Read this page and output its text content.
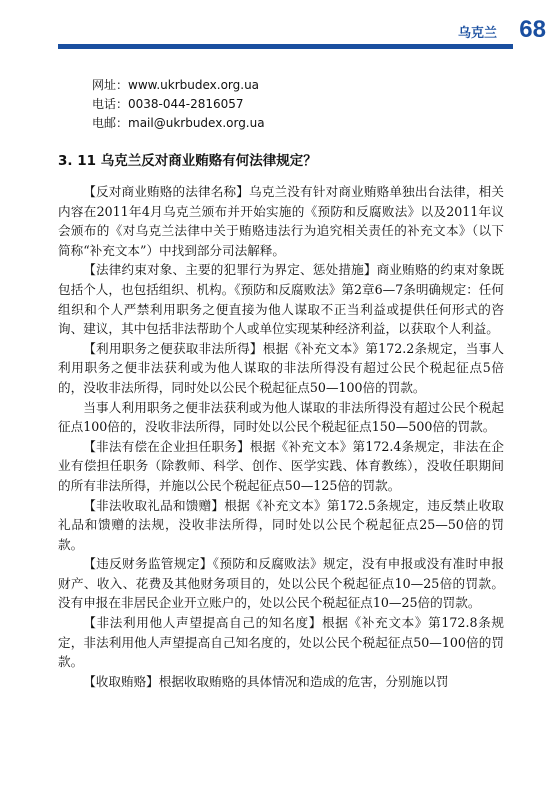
乌克兰 68
网址：www.ukrbudex.org.ua
电话：0038-044-2816057
电邮：mail@ukrbudex.org.ua
3. 11 乌克兰反对商业贿赂有何法律规定？

【反对商业贿赂的法律名称】乌克兰没有针对商业贿赂单独出台法律，相关内容在2011年4月乌克兰颁布并开始实施的《预防和反腐败法》以及2011年议会颁布的《对乌克兰法律中关于贿赂违法行为追究相关责任的补充文本》（以下简称“补充文本”）中找到部分司法解释。

【法律约束对象、主要的犯罪行为界定、惩处措施】商业贿赂的约束对象既包括个人，也包括组织、机构。《预防和反腐败法》第2章6—7条明确规定：任何组织和个人严禁利用职务之便直接为他人谋取不正当利益或提供任何形式的咨询、建议，其中包括非法帮助个人或单位实现某种经济利益，以获取个人利益。

【利用职务之便获取非法所得】根据《补充文本》第172.2条规定，当事人利用职务之便非法获利或为他人谋取的非法所得没有超过公民个税起征点5倍的，没收非法所得，同时处以公民个税起征点50—100倍的罚款。

当事人利用职务之便非法获利或为他人谋取的非法所得没有超过公民个税起征点100倍的，没收非法所得，同时处以公民个税起征点150—500倍的罚款。

【非法有偿在企业担任职务】根据《补充文本》第172.4条规定，非法在企业有偿担任职务（除教师、科学、创作、医学实践、体育教练），没收任职期间的所有非法所得，并施以公民个税起征点50—125倍的罚款。

【非法收取礼品和馈赠】根据《补充文本》第172.5条规定，违反禁止收取礼品和馈赠的法规，没收非法所得，同时处以公民个税起征点25—50倍的罚款。

【违反财务监管规定】《预防和反腐败法》规定，没有申报或没有准时申报财产、收入、花费及其他财务项目的，处以公民个税起征点10—25倍的罚款。没有申报在非居民企业开立账户的，处以公民个税起征点10—25倍的罚款。

【非法利用他人声望提高自己的知名度】根据《补充文本》第172.8条规定，非法利用他人声望提高自己知名度的，处以公民个税起征点50—100倍的罚款。

【收取贿赂】根据收取贿赂的具体情况和造成的危害，分别施以罚
